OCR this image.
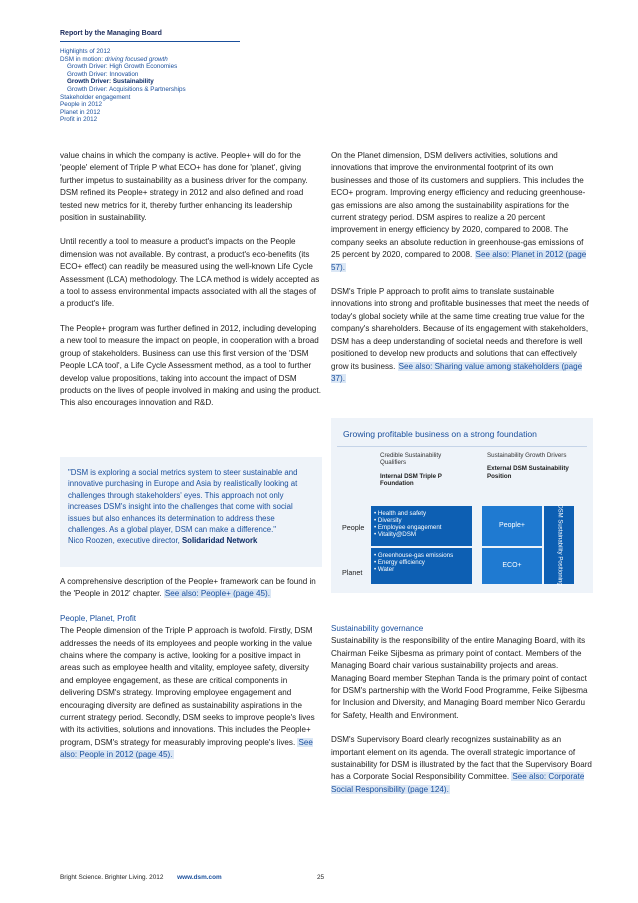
Report by the Managing Board
Highlights of 2012
DSM in motion: driving focused growth
Growth Driver: High Growth Economies
Growth Driver: Innovation
Growth Driver: Sustainability
Growth Driver: Acquisitions & Partnerships
Stakeholder engagement
People in 2012
Planet in 2012
Profit in 2012

value chains in which the company is active. People+ will do for the 'people' element of Triple P what ECO+ has done for 'planet', giving further impetus to sustainability as a business driver for the company. DSM refined its People+ strategy in 2012 and also defined and road tested new metrics for it, thereby further enhancing its leadership position in sustainability.

Until recently a tool to measure a product's impacts on the People dimension was not available. By contrast, a product's eco-benefits (its ECO+ effect) can readily be measured using the well-known Life Cycle Assessment (LCA) methodology. The LCA method is widely accepted as a tool to assess environmental impacts associated with all the stages of a product's life.

The People+ program was further defined in 2012, including developing a new tool to measure the impact on people, in cooperation with a broad group of stakeholders. Business can use this first version of the 'DSM People LCA tool', a Life Cycle Assessment method, as a tool to further develop value propositions, taking into account the impact of DSM products on the lives of people involved in making and using the product. This also encourages innovation and R&D.

"DSM is exploring a social metrics system to steer sustainable and innovative purchasing in Europe and Asia by realistically looking at challenges through stakeholders' eyes. This approach not only increases DSM's insight into the challenges that come with social issues but also enhances its determination to address these challenges. As a global player, DSM can make a difference."
Nico Roozen, executive director, Solidaridad Network

A comprehensive description of the People+ framework can be found in the 'People in 2012' chapter. See also: People+ (page 45).

People, Planet, Profit

The People dimension of the Triple P approach is twofold. Firstly, DSM addresses the needs of its employees and people working in the value chains where the company is active, looking for a positive impact in areas such as employee health and vitality, employee safety, diversity and employee engagement, as these are critical components in delivering DSM's strategy. Improving employee engagement and encouraging diversity are defined as sustainability aspirations in the current strategy period. Secondly, DSM seeks to improve people's lives with its activities, solutions and innovations. This includes the People+ program, DSM's strategy for measurably improving people's lives. See also: People in 2012 (page 45).

On the Planet dimension, DSM delivers activities, solutions and innovations that improve the environmental footprint of its own businesses and those of its customers and suppliers. This includes the ECO+ program. Improving energy efficiency and reducing greenhouse-gas emissions are also among the sustainability aspirations for the current strategy period. DSM aspires to realize a 20 percent improvement in energy efficiency by 2020, compared to 2008. The company seeks an absolute reduction in greenhouse-gas emissions of 25 percent by 2020, compared to 2008. See also: Planet in 2012 (page 57).

DSM's Triple P approach to profit aims to translate sustainable innovations into strong and profitable businesses that meet the needs of today's global society while at the same time creating true value for the company's shareholders. Because of its engagement with stakeholders, DSM has a deep understanding of societal needs and therefore is well positioned to develop new products and solutions that can effectively grow its business. See also: Sharing value among stakeholders (page 37).

Growing profitable business on a strong foundation
Credible Sustainability Qualifiers
Internal DSM Triple P Foundation
Sustainability Growth Drivers
External DSM Sustainability Position
People
Planet
• Health and safety
• Diversity
• Employee engagement
• Vitality@DSM
• Greenhouse-gas emissions
• Energy efficiency
• Water
People+
ECO+	DSM Sustainability Positioning
Sustainability governance

Sustainability is the responsibility of the entire Managing Board, with its Chairman Feike Sijbesma as primary point of contact. Members of the Managing Board chair various sustainability projects and areas. Managing Board member Stephan Tanda is the primary point of contact for DSM's partnership with the World Food Programme, Feike Sijbesma for Inclusion and Diversity, and Managing Board member Nico Gerardu for Safety, Health and Environment.

DSM's Supervisory Board clearly recognizes sustainability as an important element on its agenda. The overall strategic importance of sustainability for DSM is illustrated by the fact that the Supervisory Board has a Corporate Social Responsibility Committee. See also: Corporate Social Responsibility (page 124).

Bright Science. Brighter Living. 2012 www.dsm.com	25
